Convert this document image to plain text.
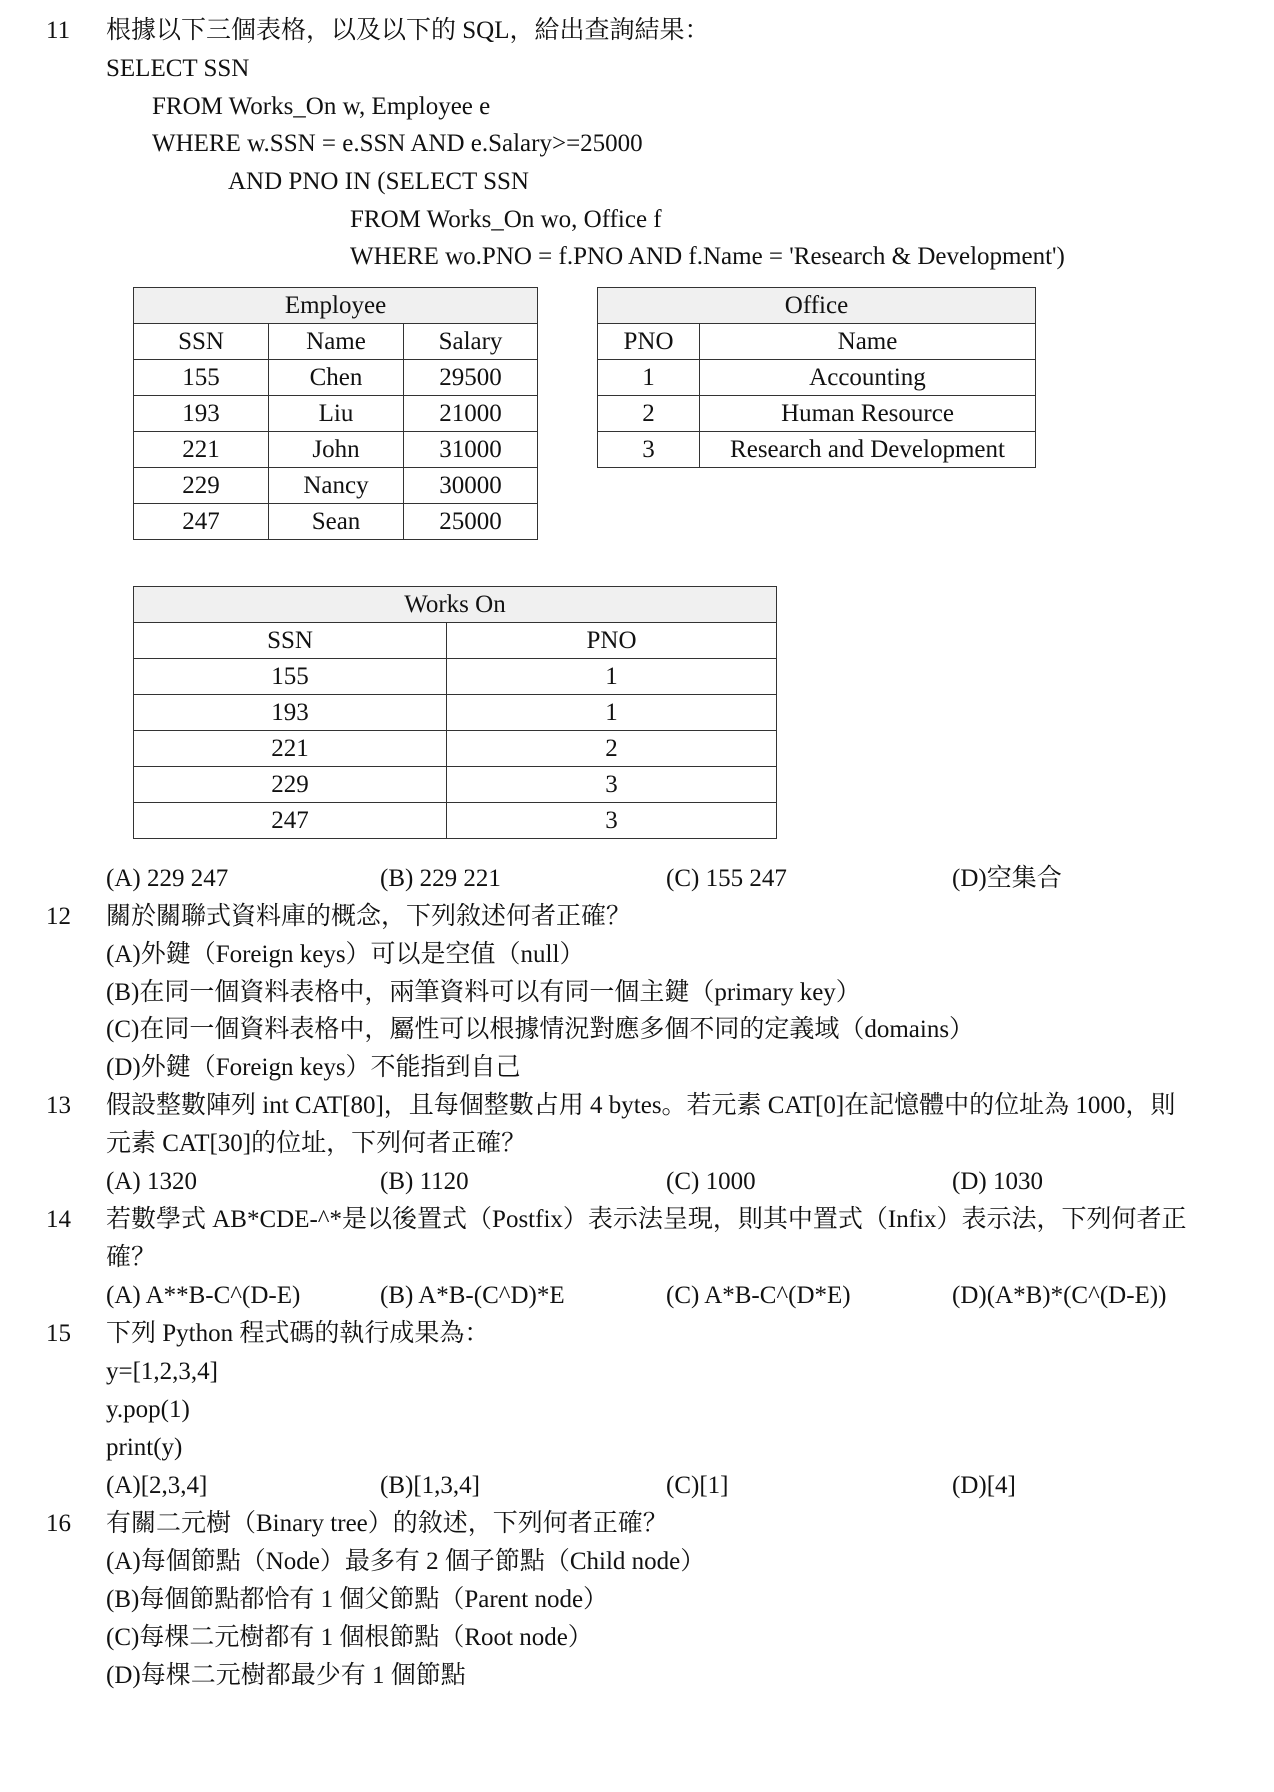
11 根據以下三個表格，以及以下的 SQL，給出查詢結果：
SELECT SSN
FROM Works_On w, Employee e
WHERE w.SSN = e.SSN AND e.Salary>=25000
AND PNO IN (SELECT SSN
FROM Works_On wo, Office f
WHERE wo.PNO = f.PNO AND f.Name = 'Research & Development')
Employee		
SSN	Name	Salary
155	Chen	29500
193	Liu	21000
221	John	31000
229	Nancy	30000
247	Sean	25000
Office	
PNO	Name
1	Accounting
2	Human Resource
3	Research and Development
Works On	
SSN	PNO
155	1
193	1
221	2
229	3
247	3
(A) 229 247	(B) 229 221	(C) 155 247	(D)空集合
12 關於關聯式資料庫的概念，下列敘述何者正確？
(A)外鍵（Foreign keys）可以是空值（null）
(B)在同一個資料表格中，兩筆資料可以有同一個主鍵（primary key）
(C)在同一個資料表格中，屬性可以根據情況對應多個不同的定義域（domains）
(D)外鍵（Foreign keys）不能指到自己
13 假設整數陣列 int CAT[80]，且每個整數占用 4 bytes。若元素 CAT[0]在記憶體中的位址為 1000，則
元素 CAT[30]的位址，下列何者正確？
(A) 1320	(B) 1120	(C) 1000	(D) 1030
14 若數學式 AB*CDE-^*是以後置式（Postfix）表示法呈現，則其中置式（Infix）表示法，下列何者正
確？
(A) A**B-C^(D-E)	(B) A*B-(C^D)*E	(C) A*B-C^(D*E)	(D)(A*B)*(C^(D-E))
15 下列 Python 程式碼的執行成果為：
y=[1,2,3,4]
y.pop(1)
print(y)
(A)[2,3,4]	(B)[1,3,4]	(C)[1]	(D)[4]
16 有關二元樹（Binary tree）的敘述，下列何者正確？
(A)每個節點（Node）最多有 2 個子節點（Child node）
(B)每個節點都恰有 1 個父節點（Parent node）
(C)每棵二元樹都有 1 個根節點（Root node）
(D)每棵二元樹都最少有 1 個節點
